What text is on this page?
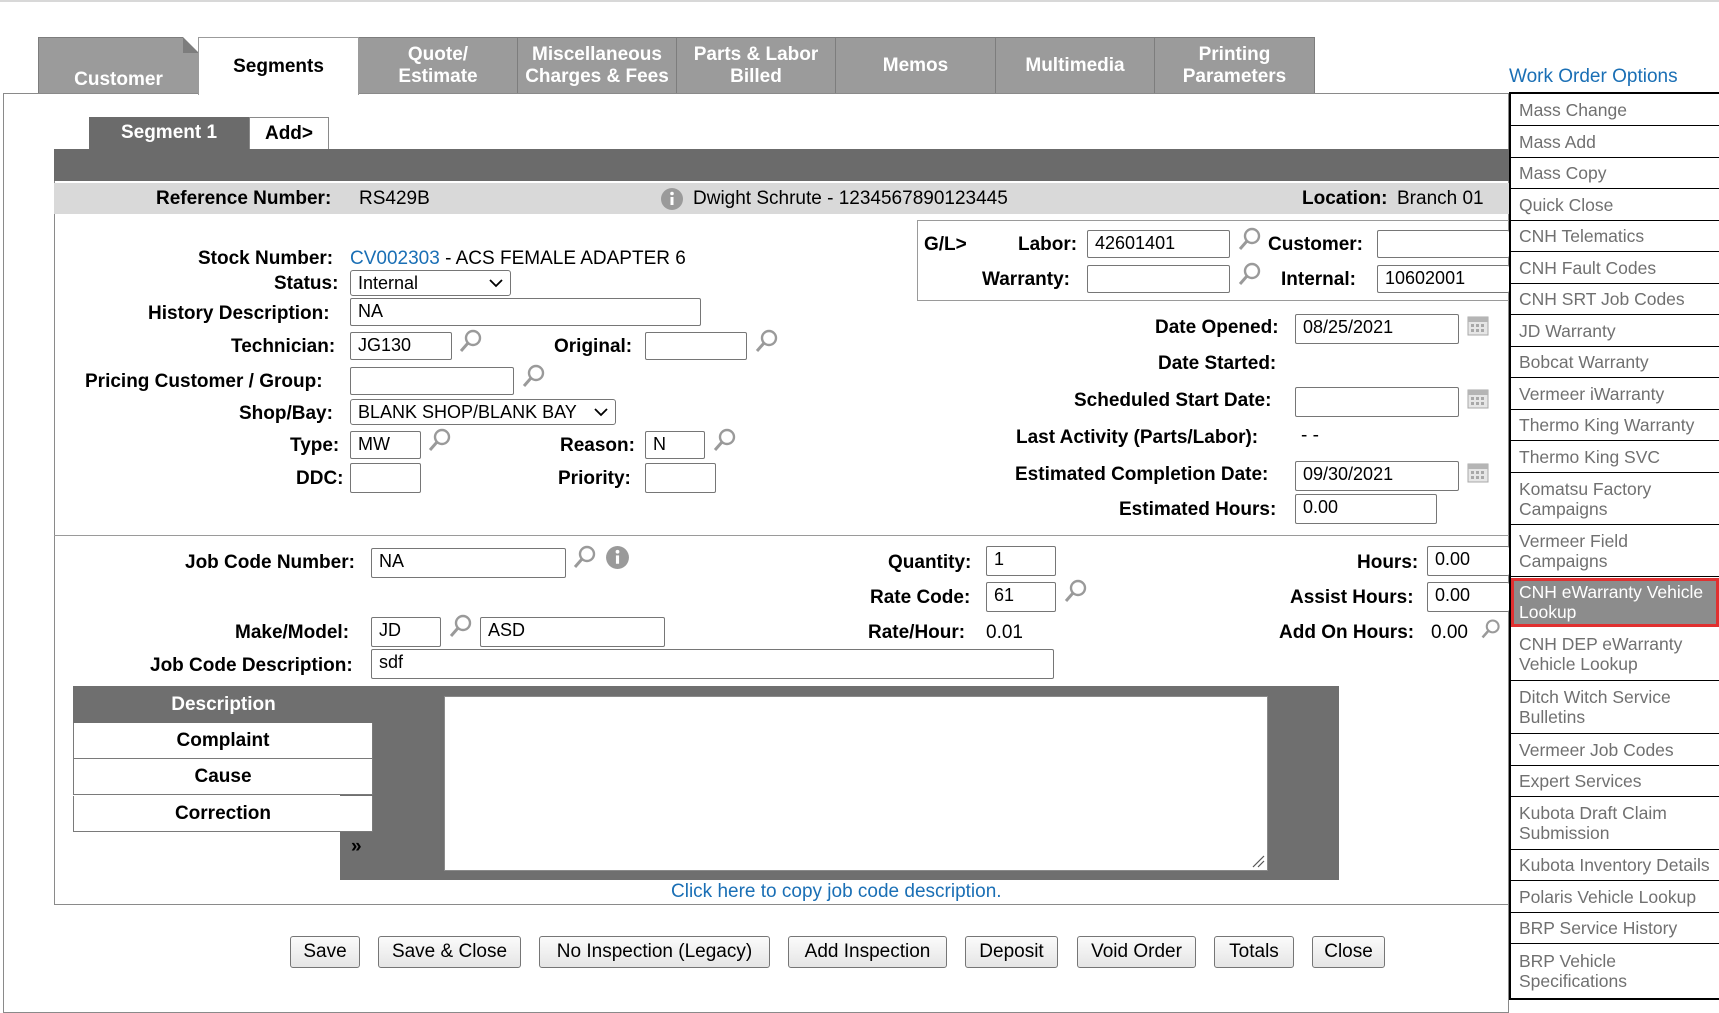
Customer
Segments
Quote/
Estimate
Miscellaneous
Charges & Fees
Parts & Labor
Billed
Memos	Multimedia
Printing
Parameters
Segment 1	Add>
Reference Number: RS429B	Dwight Schrute - 1234567890123445	Location: Branch 01
Stock Number: CV002303 - ACS FEMALE ADAPTER 6
Status: Internal
History Description:	NA
Technician:	JG130	Original:
Pricing Customer / Group:
Shop/Bay: BLANK SHOP/BLANK BAY
Type:	MW	Reason:	N
DDC:	Priority:
G/L>	Labor: 42601401	Customer:
Warranty:	Internal:	10602001
Date Opened:	08/25/2021
Date Started:
Scheduled Start Date:
Last Activity (Parts/Labor): - -
Estimated Completion Date:	09/30/2021
Estimated Hours:	0.00
Job Code Number:	NA	Quantity:	1	Hours: 0.00
Rate Code:	61	Assist Hours:	0.00
Make/Model:	JD	ASD	Rate/Hour: 0.01	Add On Hours: 0.00
Job Code Description:	sdf
Description
Complaint
Cause
Correction
»
Click here to copy job code description.
Save	Save & Close	No Inspection (Legacy)	Add Inspection	Deposit	Void Order	Totals	Close
Work Order Options
Mass Change
Mass Add
Mass Copy
Quick Close
CNH Telematics
CNH Fault Codes
CNH SRT Job Codes
JD Warranty
Bobcat Warranty
Vermeer iWarranty
Thermo King Warranty
Thermo King SVC
Komatsu Factory Campaigns
Vermeer Field Campaigns
CNH eWarranty Vehicle Lookup
CNH DEP eWarranty Vehicle Lookup
Ditch Witch Service Bulletins
Vermeer Job Codes
Expert Services
Kubota Draft Claim Submission
Kubota Inventory Details
Polaris Vehicle Lookup
BRP Service History
BRP Vehicle Specifications
